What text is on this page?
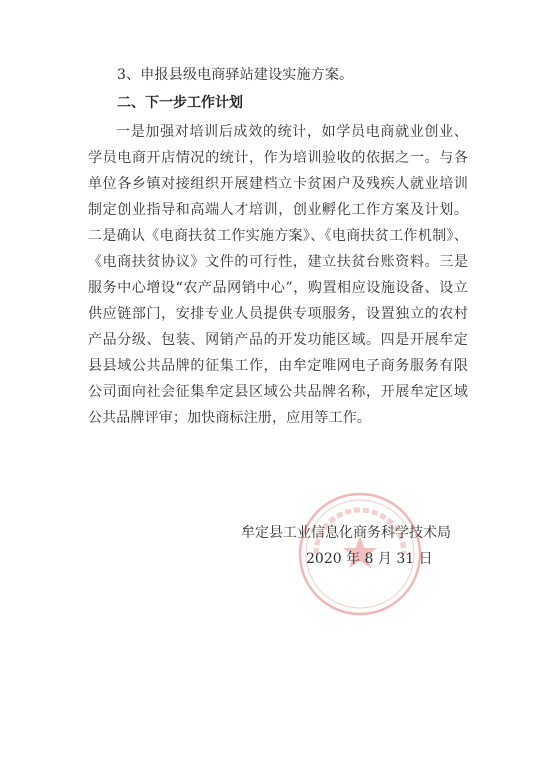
3、申报县级电商驿站建设实施方案。
二、下一步工作计划
一是加强对培训后成效的统计，如学员电商就业创业、学员电商开店情况的统计，作为培训验收的依据之一。与各单位各乡镇对接组织开展建档立卡贫困户及残疾人就业培训制定创业指导和高端人才培训，创业孵化工作方案及计划。二是确认《电商扶贫工作实施方案》、《电商扶贫工作机制》、《电商扶贫协议》文件的可行性，建立扶贫台账资料。三是服务中心增设“农产品网销中心”，购置相应设施设备、设立供应链部门，安排专业人员提供专项服务，设置独立的农村产品分级、包装、网销产品的开发功能区域。四是开展牟定县县域公共品牌的征集工作，由牟定唯网电子商务服务有限公司面向社会征集牟定县区域公共品牌名称，开展牟定区域公共品牌评审；加快商标注册，应用等工作。
牟定县工业信息化商务科学技术局
2020 年 8 月 31 日
